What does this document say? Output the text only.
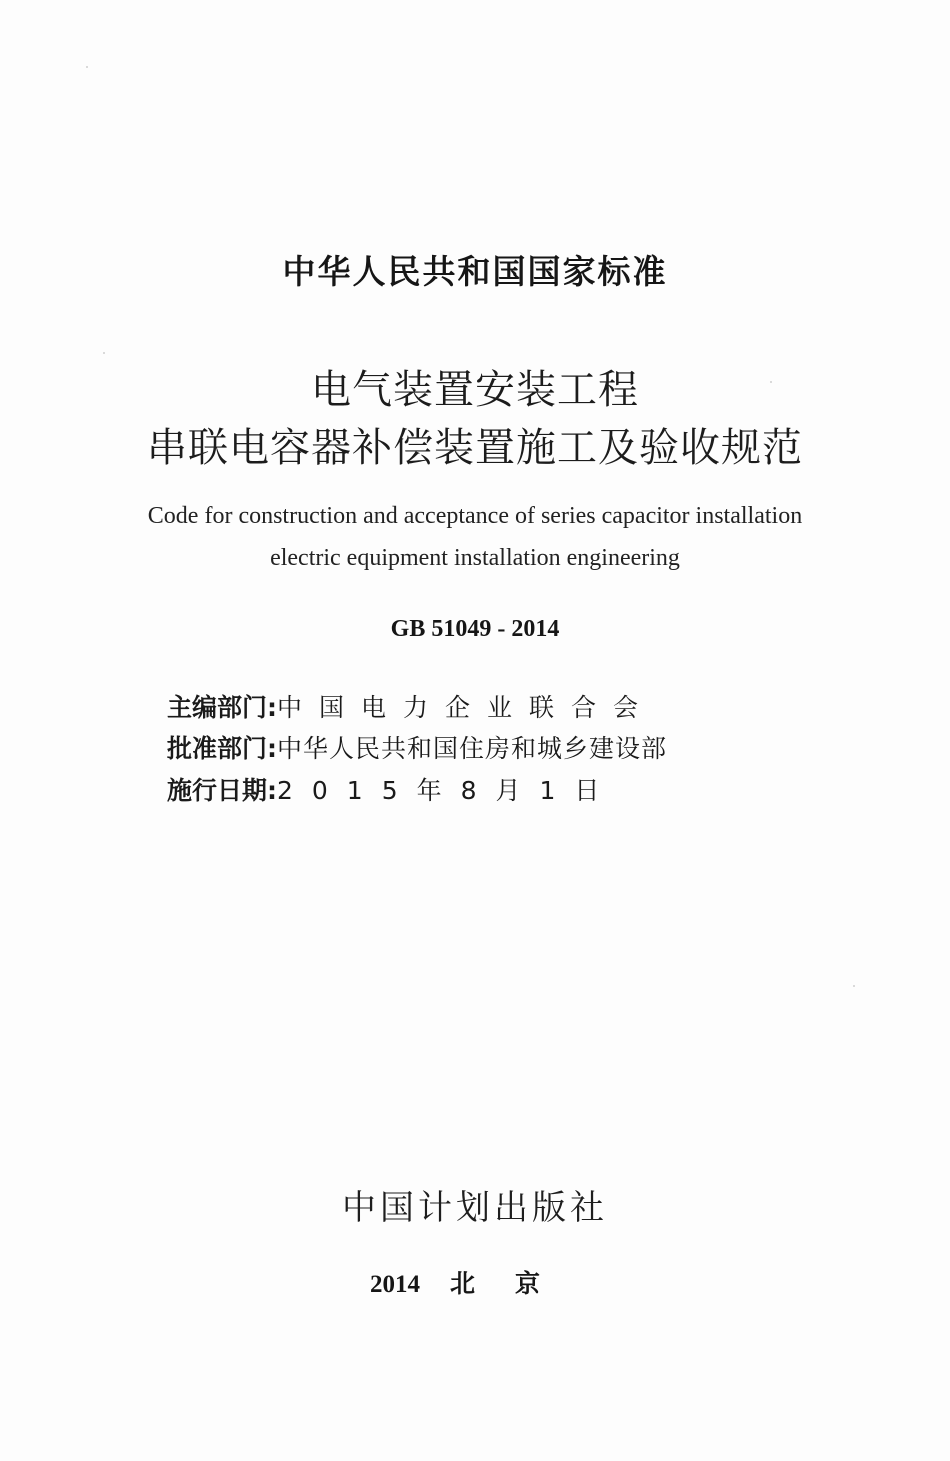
中华人民共和国国家标准
电气装置安装工程
串联电容器补偿装置施工及验收规范
Code for construction and acceptance of series capacitor installation
electric equipment installation engineering
GB 51049 - 2014
主编部门:中国电力企业联合会
批准部门:中华人民共和国住房和城乡建设部
施行日期:2015年8月1日
中国计划出版社
2014 北京
